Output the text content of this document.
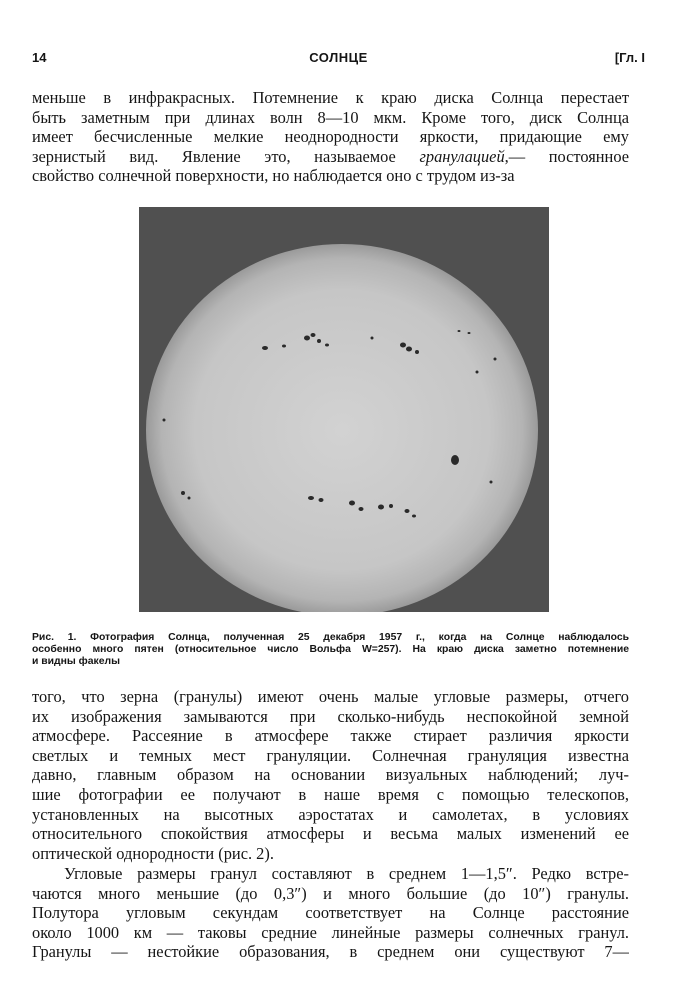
14	СОЛНЦЕ	[Гл. I
меньше в инфракрасных. Потемнение к краю диска Солнца перестает
быть заметным при длинах волн 8—10 мкм. Кроме того, диск Солнца
имеет бесчисленные мелкие неоднородности яркости, придающие ему
зернистый вид. Явление это, называемое гранулацией,— постоянное
свойство солнечной поверхности, но наблюдается оно с трудом из-за
Рис. 1. Фотография Солнца, полученная 25 декабря 1957 г., когда на Солнце наблюдалось
особенно много пятен (относительное число Вольфа W=257). На краю диска заметно потемнение
и видны факелы
того, что зерна (гранулы) имеют очень малые угловые размеры, отчего
их изображения замываются при сколько-нибудь неспокойной земной
атмосфере. Рассеяние в атмосфере также стирает различия яркости
светлых и темных мест грануляции. Солнечная грануляция известна
давно, главным образом на основании визуальных наблюдений; луч-
шие фотографии ее получают в наше время с помощью телескопов,
установленных на высотных аэростатах и самолетах, в условиях
относительного спокойствия атмосферы и весьма малых изменений ее
оптической однородности (рис. 2).
Угловые размеры гранул составляют в среднем 1—1,5″. Редко встре-
чаются много меньшие (до 0,3″) и много большие (до 10″) гранулы.
Полутора угловым секундам соответствует на Солнце расстояние
около 1000 км — таковы средние линейные размеры солнечных гранул.
Гранулы — нестойкие образования, в среднем они существуют 7—
